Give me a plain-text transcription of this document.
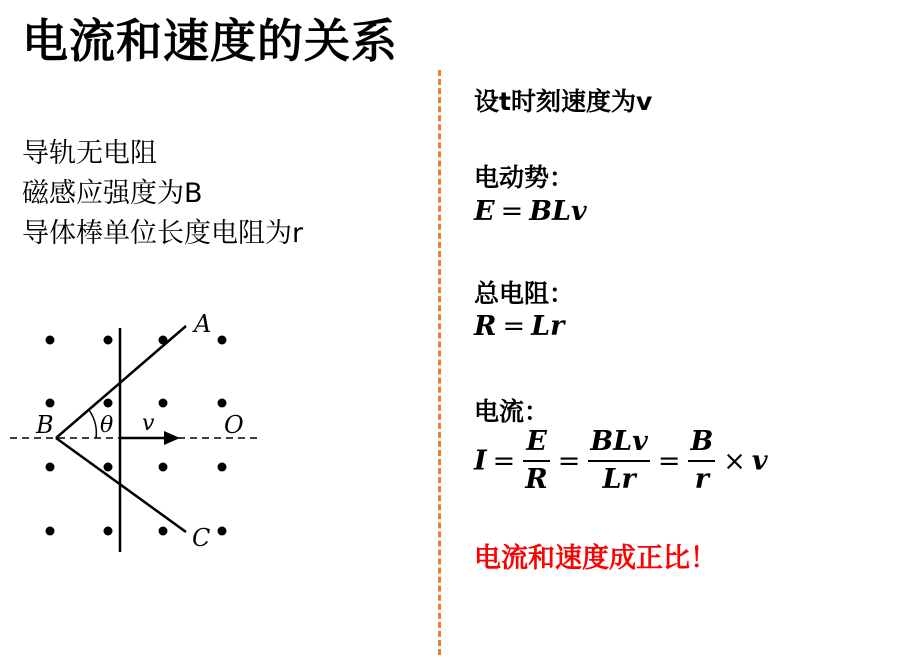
电流和速度的关系
导轨无电阻
磁感应强度为B
导体棒单位长度电阻为r
A
B
C
O
θ v
设t时刻速度为v
电动势：
E = BLv
总电阻：
R = Lr
电流：
$I = \frac{E}{R} = \frac{\text{BLv}}{Lr} = \frac{B}{r} \times v$
电流和速度成正比！
